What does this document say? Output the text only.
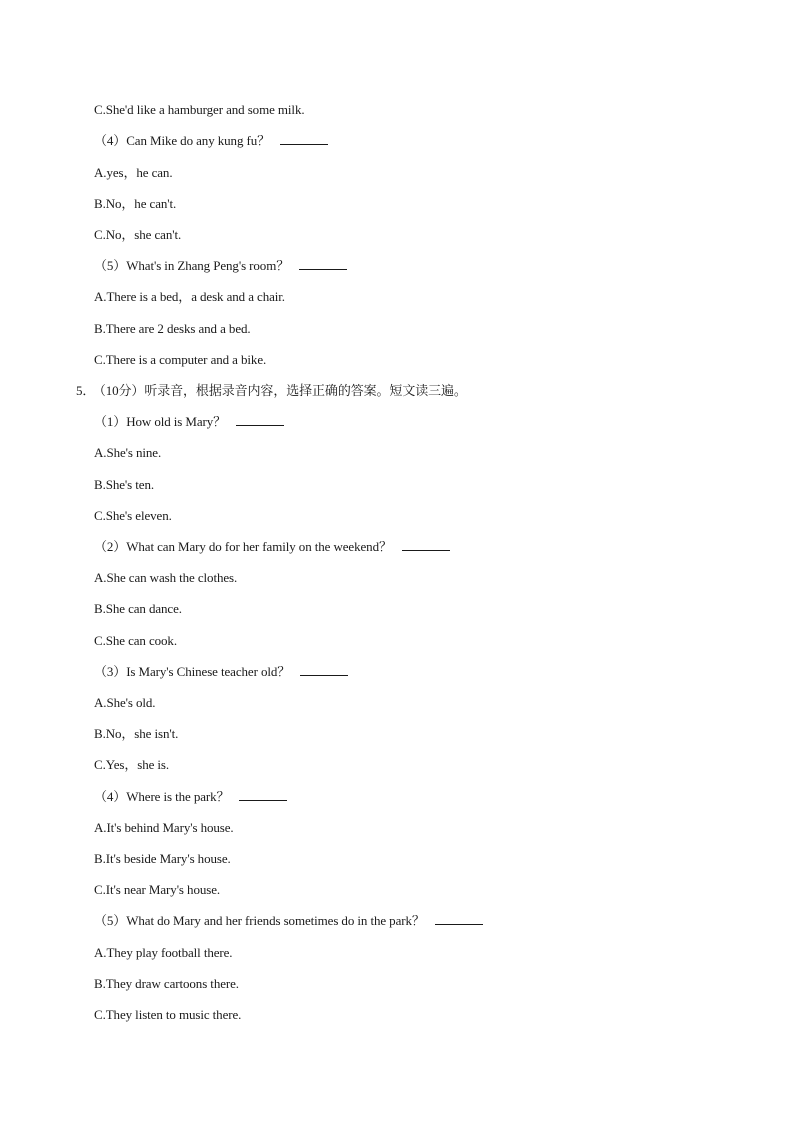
C.She'd like a hamburger and some milk.
（4）Can Mike do any kung fu？
A.yes，he can.
B.No，he can't.
C.No，she can't.
（5）What's in Zhang Peng's room？
A.There is a bed，a desk and a chair.
B.There are 2 desks and a bed.
C.There is a computer and a bike.
5． （10分）听录音，根据录音内容，选择正确的答案。短文读三遍。
（1）How old is Mary？
A.She's nine.
B.She's ten.
C.She's eleven.
（2）What can Mary do for her family on the weekend？
A.She can wash the clothes.
B.She can dance.
C.She can cook.
（3）Is Mary's Chinese teacher old？
A.She's old.
B.No，she isn't.
C.Yes，she is.
（4）Where is the park？
A.It's behind Mary's house.
B.It's beside Mary's house.
C.It's near Mary's house.
（5）What do Mary and her friends sometimes do in the park？
A.They play football there.
B.They draw cartoons there.
C.They listen to music there.
